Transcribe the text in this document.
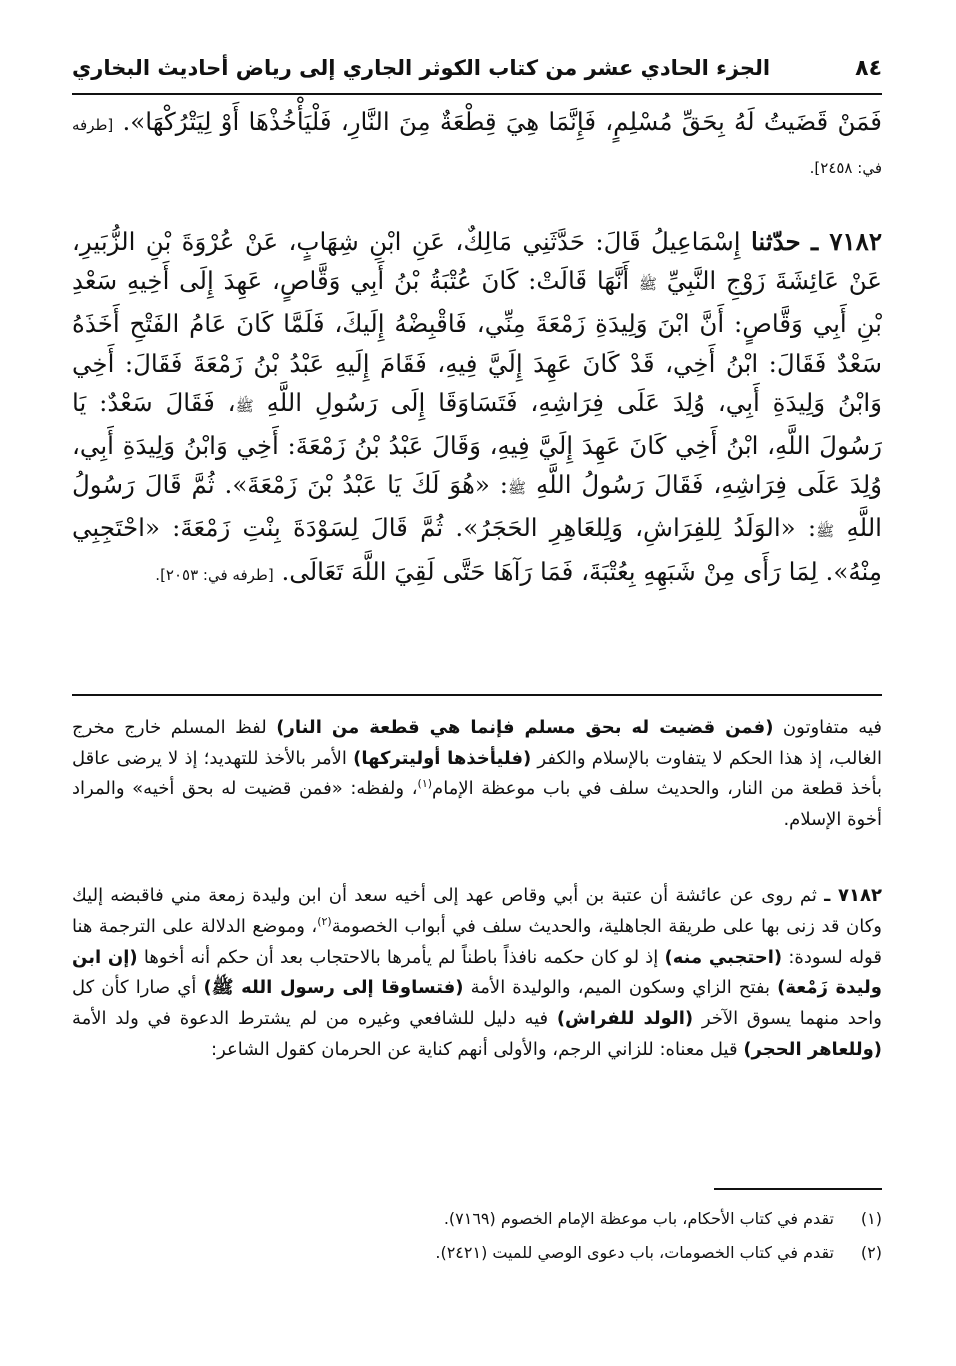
٨٤
الجزء الحادي عشر من كتاب الكوثر الجاري إلى رياض أحاديث البخاري
فَمَنْ قَضَيتُ لَهُ بِحَقِّ مُسْلِمٍ، فَإِنَّمَا هِيَ قِطْعَةٌ مِنَ النَّارِ، فَلْيَأْخُذْهَا أَوْ لِيَتْرُكْهَا». [طرفه في: ٢٤٥٨].
٧١٨٢ ـ حدّثنا إِسْمَاعِيلُ قَالَ: حَدَّثَنِي مَالِكٌ، عَنِ ابْنِ شِهَابٍ، عَنْ عُرْوَةَ بْنِ الزُّبَيرِ، عَنْ عَائِشَةَ زَوْجِ النَّبِيِّ ﷺ أَنَّهَا قَالَتْ: كَانَ عُتْبَةُ بْنُ أَبِي وَقَّاصٍ، عَهِدَ إِلَى أَخِيهِ سَعْدِ بْنِ أَبِي وَقَّاصٍ: أَنَّ ابْنَ وَلِيدَةِ زَمْعَةَ مِنِّي، فَاقْبِضْهُ إِلَيكَ، فَلَمَّا كَانَ عَامُ الفَتْحِ أَخَذَهُ سَعْدٌ فَقَالَ: ابْنُ أَخِي، قَدْ كَانَ عَهِدَ إِلَيَّ فِيهِ، فَقَامَ إِلَيهِ عَبْدُ بْنُ زَمْعَةَ فَقَالَ: أَخِي وَابْنُ وَلِيدَةِ أَبِي، وُلِدَ عَلَى فِرَاشِهِ، فَتَسَاوَقَا إِلَى رَسُولِ اللَّهِ ﷺ، فَقَالَ سَعْدٌ: يَا رَسُولَ اللَّهِ، ابْنُ أَخِي كَانَ عَهِدَ إِلَيَّ فِيهِ، وَقَالَ عَبْدُ بْنُ زَمْعَةَ: أَخِي وَابْنُ وَلِيدَةِ أَبِي، وُلِدَ عَلَى فِرَاشِهِ، فَقَالَ رَسُولُ اللَّهِ ﷺ: «هُوَ لَكَ يَا عَبْدُ بْنَ زَمْعَةَ». ثُمَّ قَالَ رَسُولُ اللَّهِ ﷺ: «الوَلَدُ لِلفِرَاشِ، وَلِلعَاهِرِ الحَجَرُ». ثُمَّ قَالَ لِسَوْدَةَ بِنْتِ زَمْعَةَ: «احْتَجِبِي مِنْهُ». لِمَا رَأَى مِنْ شَبَهِهِ بِعُتْبَةَ، فَمَا رَآهَا حَتَّى لَقِيَ اللَّهَ تَعَالَى. [طرفه في: ٢٠٥٣].
فيه متفاوتون (فمن قضيت له بحق مسلم فإنما هي قطعة من النار) لفظ المسلم خارج مخرج الغالب، إذ هذا الحكم لا يتفاوت بالإسلام والكفر (فليأخذها أوليتركها) الأمر بالأخذ للتهديد؛ إذ لا يرضى عاقل بأخذ قطعة من النار، والحديث سلف في باب موعظة الإمام$^{(١)}$، ولفظه: «فمن قضيت له بحق أخيه» والمراد أخوة الإسلام.
٧١٨٢ ـ ثم روى عن عائشة أن عتبة بن أبي وقاص عهد إلى أخيه سعد أن ابن وليدة زمعة مني فاقبضه إليك وكان قد زنى بها على طريقة الجاهلية، والحديث سلف في أبواب الخصومة$^{(٢)}$، وموضع الدلالة على الترجمة هنا قوله لسودة: (احتجبي منه) إذ لو كان حكمه نافذاً باطناً لم يأمرها بالاحتجاب بعد أن حكم أنه أخوها (إن ابن وليدة زَمْعة) بفتح الزاي وسكون الميم، والوليدة الأمة (فتساوقا إلى رسول الله ﷺ) أي صارا كأن كل واحد منهما يسوق الآخر (الولد للفراش) فيه دليل للشافعي وغيره من لم يشترط الدعوة في ولد الأمة (وللعاهر الحجر) قيل معناه: للزاني الرجم، والأولى أنهم كناية عن الحرمان كقول الشاعر:
(١)
تقدم في كتاب الأحكام، باب موعظة الإمام الخصوم (٧١٦٩).
(٢)
تقدم في كتاب الخصومات، باب دعوى الوصي للميت (٢٤٢١).
